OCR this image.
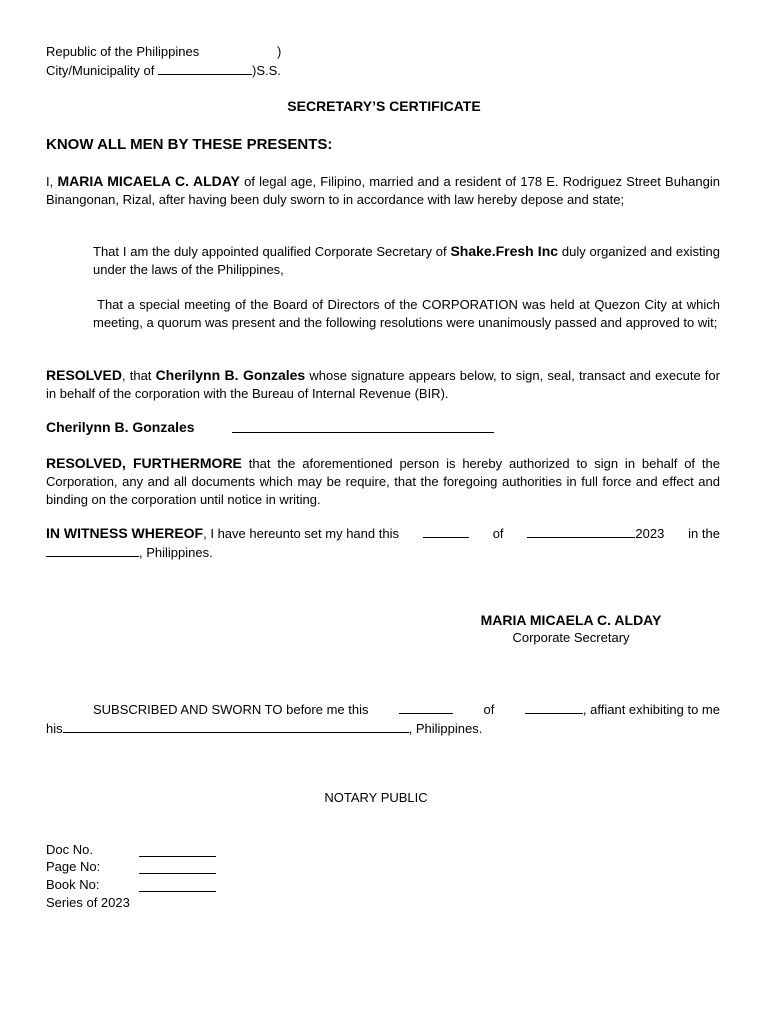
Republic of the Philippines	)
City/Municipality of	)S.S.
SECRETARY’S CERTIFICATE
KNOW ALL MEN BY THESE PRESENTS:
I, MARIA MICAELA C. ALDAY of legal age, Filipino, married and a resident of 178 E. Rodriguez Street Buhangin Binangonan, Rizal, after having been duly sworn to in accordance with law hereby depose and state;
That I am the duly appointed qualified Corporate Secretary of Shake.Fresh Inc duly organized and existing under the laws of the Philippines,
That a special meeting of the Board of Directors of the CORPORATION was held at Quezon City at which meeting, a quorum was present and the following resolutions were unanimously passed and approved to wit;
RESOLVED, that Cherilynn B. Gonzales whose signature appears below, to sign, seal, transact and execute for in behalf of the corporation with the Bureau of Internal Revenue (BIR).
Cherilynn B. Gonzales
RESOLVED, FURTHERMORE that the aforementioned person is hereby authorized to sign in behalf of the Corporation, any and all documents which may be require, that the foregoing authorities in full force and effect and binding on the corporation until notice in writing.
IN WITNESS WHEREOF, I have hereunto set my hand this	of	2023 in the
, Philippines.
MARIA MICAELA C. ALDAY
Corporate Secretary
SUBSCRIBED AND SWORN TO before me this	of	, affiant exhibiting to me
his	, Philippines.
NOTARY PUBLIC
Doc No.
Page No:
Book No:
Series of 2023
